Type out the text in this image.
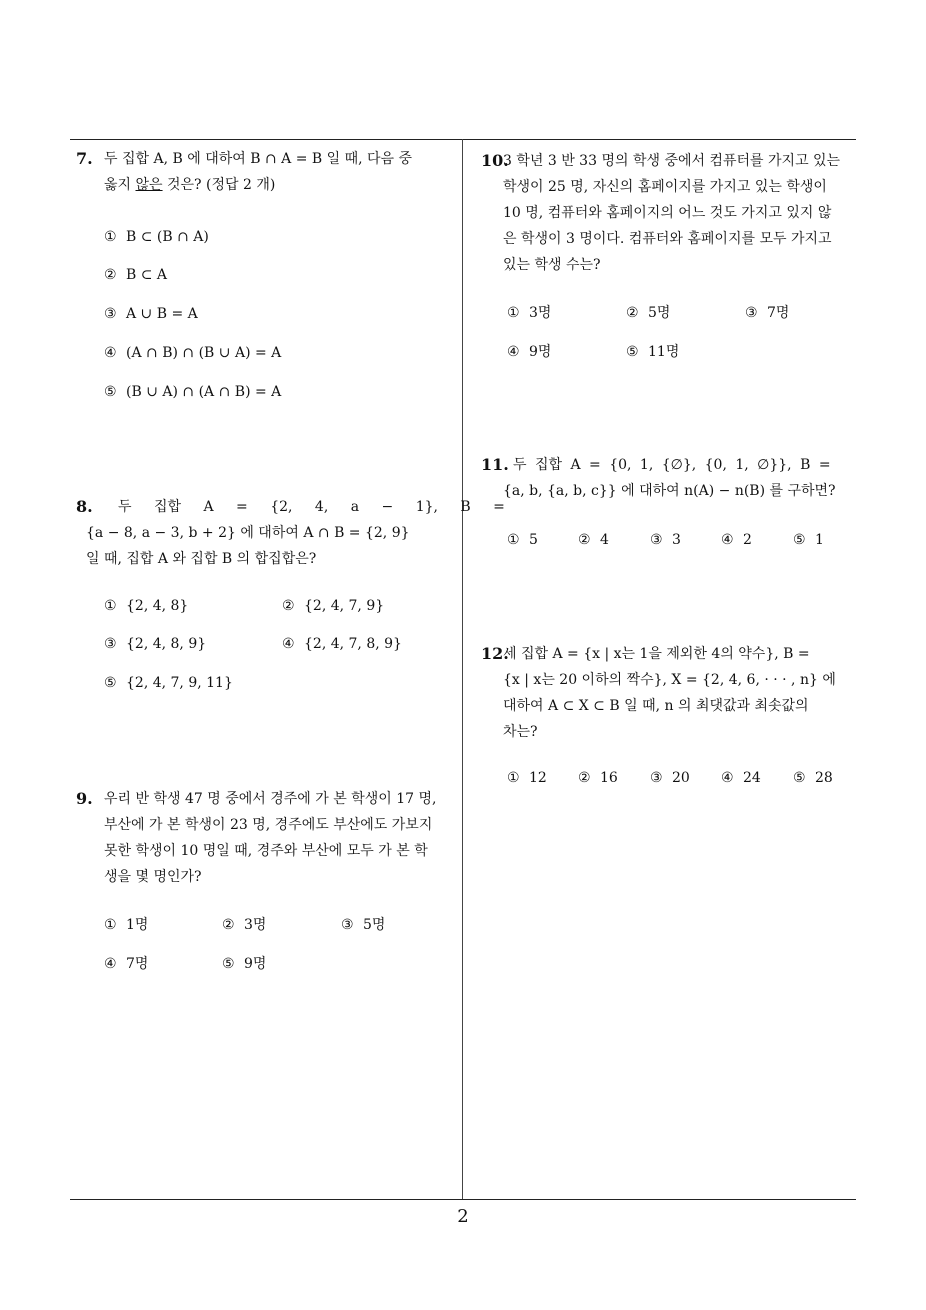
7. 두 집합 A, B 에 대하여 B ∩ A = B 일 때, 다음 중
옳지 않은 것은? (정답 2 개)
① B ⊂ (B ∩ A)
② B ⊂ A
③ A ∪ B = A
④ (A ∩ B) ∩ (B ∪ A) = A
⑤ (B ∪ A) ∩ (A ∩ B) = A
8. 두 집합 A = {2, 4, a − 1}, B =
{a − 8, a − 3, b + 2} 에 대하여 A ∩ B = {2, 9}
일 때, 집합 A 와 집합 B 의 합집합은?
① {2, 4, 8}	② {2, 4, 7, 9}
③ {2, 4, 8, 9}	④ {2, 4, 7, 8, 9}
⑤ {2, 4, 7, 9, 11}
9. 우리 반 학생 47 명 중에서 경주에 가 본 학생이 17 명,
부산에 가 본 학생이 23 명, 경주에도 부산에도 가보지
못한 학생이 10 명일 때, 경주와 부산에 모두 가 본 학
생을 몇 명인가?
① 1명	② 3명	③ 5명
④ 7명	⑤ 9명
10.
3 학년 3 반 33 명의 학생 중에서 컴퓨터를 가지고 있는
학생이 25 명, 자신의 홈페이지를 가지고 있는 학생이
10 명, 컴퓨터와 홈페이지의 어느 것도 가지고 있지 않
은 학생이 3 명이다. 컴퓨터와 홈페이지를 모두 가지고
있는 학생 수는?
① 3명	② 5명	③ 7명
④ 9명	⑤ 11명
11. 두 집합 A = {0, 1, {∅}, {0, 1, ∅}}, B =
{a, b, {a, b, c}} 에 대하여 n(A) − n(B) 를 구하면?
① 5	② 4	③ 3	④ 2	⑤ 1
12.
세 집합 A = {x | x는 1을 제외한 4의 약수}, B =
{x | x는 20 이하의 짝수}, X = {2, 4, 6, · · · , n} 에
대하여 A ⊂ X ⊂ B 일 때, n 의 최댓값과 최솟값의
차는?
① 12 ② 16 ③ 20 ④ 24 ⑤ 28
2
